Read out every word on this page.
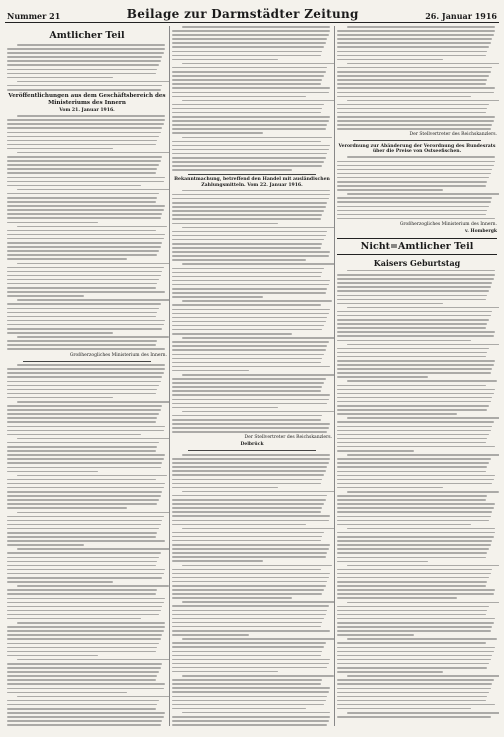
Nummer 21	Beilage zur Darmstädter Zeitung	26. Januar 1916
Amtlicher Teil
Veröffentlichungen aus dem Geschäftsbereich des Ministeriums des Innern
Vom 21. Januar 1916.
Großherzogliches Ministerium des Innern.
Bekanntmachung, betreffend den Handel mit ausländischen Zahlungsmitteln. Vom 22. Januar 1916.
Der Stellvertreter des Reichskanzlers.
Delbrück
Der Stellvertreter des Reichskanzlers.
Verordnung zur Abänderung der Verordnung des Bundesrats über die Preise von Ostseefischen.
Großherzogliches Ministerium des Innern.
v. Hombergk
Nicht=Amtlicher Teil
Kaisers Geburtstag
